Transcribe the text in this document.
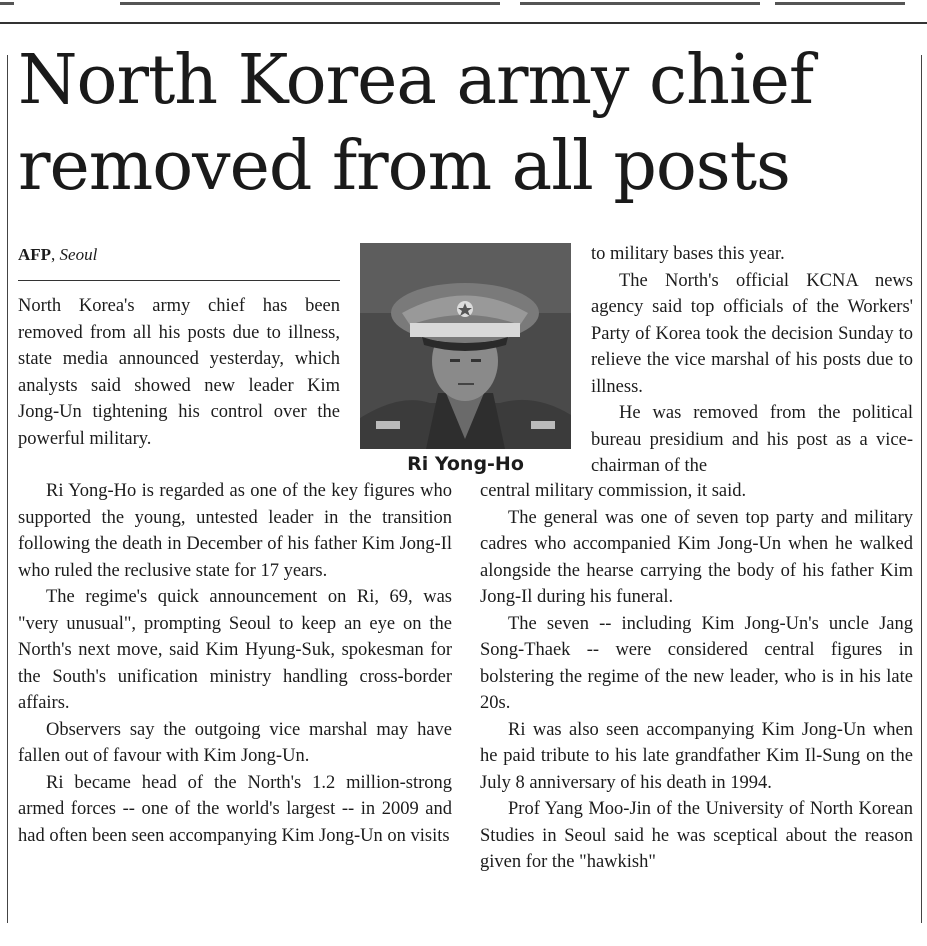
North Korea army chief
removed from all posts

AFP, Seoul

North Korea's army chief has been removed from all his posts due to illness, state media announced yesterday, which analysts said showed new leader Kim Jong-Un tightening his control over the powerful military.

Ri Yong-Ho

Ri Yong-Ho is regarded as one of the key figures who supported the young, untested leader in the transition following the death in December of his father Kim Jong-Il who ruled the reclusive state for 17 years.

The regime's quick announcement on Ri, 69, was "very unusual", prompting Seoul to keep an eye on the North's next move, said Kim Hyung-Suk, spokesman for the South's unification ministry handling cross-border affairs.

Observers say the outgoing vice marshal may have fallen out of favour with Kim Jong-Un.

Ri became head of the North's 1.2 million-strong armed forces -- one of the world's largest -- in 2009 and had often been seen accompanying Kim Jong-Un on visits

to military bases this year.

The North's official KCNA news agency said top officials of the Workers' Party of Korea took the decision Sunday to relieve the vice marshal of his posts due to illness.

He was removed from the political bureau presidium and his post as a vice-chairman of the

central military commission, it said.

The general was one of seven top party and military cadres who accompanied Kim Jong-Un when he walked alongside the hearse carrying the body of his father Kim Jong-Il during his funeral.

The seven -- including Kim Jong-Un's uncle Jang Song-Thaek -- were considered central figures in bolstering the regime of the new leader, who is in his late 20s.

Ri was also seen accompanying Kim Jong-Un when he paid tribute to his late grandfather Kim Il-Sung on the July 8 anniversary of his death in 1994.

Prof Yang Moo-Jin of the University of North Korean Studies in Seoul said he was sceptical about the reason given for the "hawkish"
